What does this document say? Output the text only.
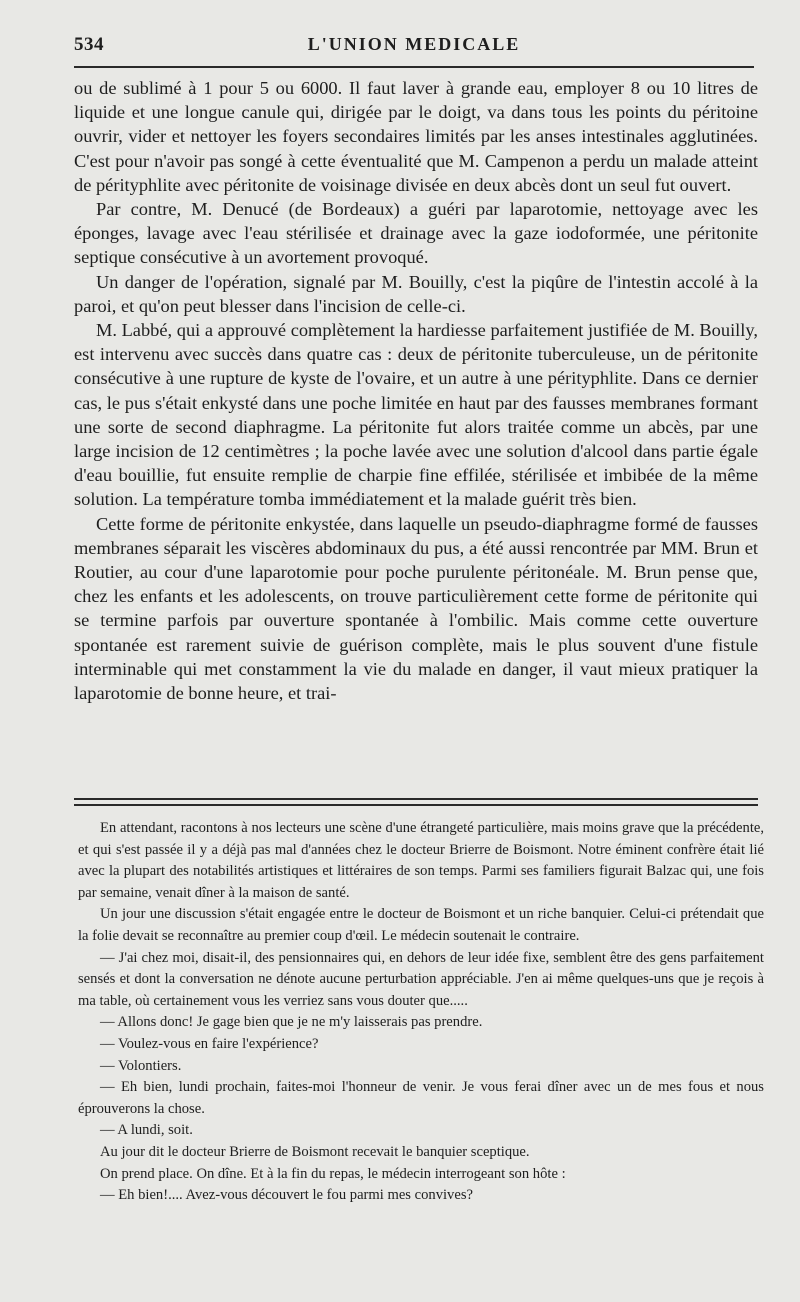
534	L'UNION MEDICALE

ou de sublimé à 1 pour 5 ou 6000. Il faut laver à grande eau, employer 8 ou 10 litres de liquide et une longue canule qui, dirigée par le doigt, va dans tous les points du péritoine ouvrir, vider et nettoyer les foyers secondaires limités par les anses intestinales agglutinées. C'est pour n'avoir pas songé à cette éventualité que M. Campenon a perdu un malade atteint de pérityphlite avec péritonite de voisinage divisée en deux abcès dont un seul fut ouvert.

Par contre, M. Denucé (de Bordeaux) a guéri par laparotomie, nettoyage avec les éponges, lavage avec l'eau stérilisée et drainage avec la gaze iodoformée, une péritonite septique consécutive à un avortement provoqué.

Un danger de l'opération, signalé par M. Bouilly, c'est la piqûre de l'intestin accolé à la paroi, et qu'on peut blesser dans l'incision de celle-ci.

M. Labbé, qui a approuvé complètement la hardiesse parfaitement justifiée de M. Bouilly, est intervenu avec succès dans quatre cas : deux de péritonite tuberculeuse, un de péritonite consécutive à une rupture de kyste de l'ovaire, et un autre à une pérityphlite. Dans ce dernier cas, le pus s'était enkysté dans une poche limitée en haut par des fausses membranes formant une sorte de second diaphragme. La péritonite fut alors traitée comme un abcès, par une large incision de 12 centimètres ; la poche lavée avec une solution d'alcool dans partie égale d'eau bouillie, fut ensuite remplie de charpie fine effilée, stérilisée et imbibée de la même solution. La température tomba immédiatement et la malade guérit très bien.

Cette forme de péritonite enkystée, dans laquelle un pseudo-diaphragme formé de fausses membranes séparait les viscères abdominaux du pus, a été aussi rencontrée par MM. Brun et Routier, au cour d'une laparotomie pour poche purulente péritonéale. M. Brun pense que, chez les enfants et les adolescents, on trouve particulièrement cette forme de péritonite qui se termine parfois par ouverture spontanée à l'ombilic. Mais comme cette ouverture spontanée est rarement suivie de guérison complète, mais le plus souvent d'une fistule interminable qui met constamment la vie du malade en danger, il vaut mieux pratiquer la laparotomie de bonne heure, et trai-

En attendant, racontons à nos lecteurs une scène d'une étrangeté particulière, mais moins grave que la précédente, et qui s'est passée il y a déjà pas mal d'années chez le docteur Brierre de Boismont. Notre éminent confrère était lié avec la plupart des notabilités artistiques et littéraires de son temps. Parmi ses familiers figurait Balzac qui, une fois par semaine, venait dîner à la maison de santé.

Un jour une discussion s'était engagée entre le docteur de Boismont et un riche banquier. Celui-ci prétendait que la folie devait se reconnaître au premier coup d'œil. Le médecin soutenait le contraire.

— J'ai chez moi, disait-il, des pensionnaires qui, en dehors de leur idée fixe, semblent être des gens parfaitement sensés et dont la conversation ne dénote aucune perturbation appréciable. J'en ai même quelques-uns que je reçois à ma table, où certainement vous les verriez sans vous douter que.....

— Allons donc! Je gage bien que je ne m'y laisserais pas prendre.

— Voulez-vous en faire l'expérience?

— Volontiers.

— Eh bien, lundi prochain, faites-moi l'honneur de venir. Je vous ferai dîner avec un de mes fous et nous éprouverons la chose.

— A lundi, soit.

Au jour dit le docteur Brierre de Boismont recevait le banquier sceptique.

On prend place. On dîne. Et à la fin du repas, le médecin interrogeant son hôte :

— Eh bien!.... Avez-vous découvert le fou parmi mes convives?
